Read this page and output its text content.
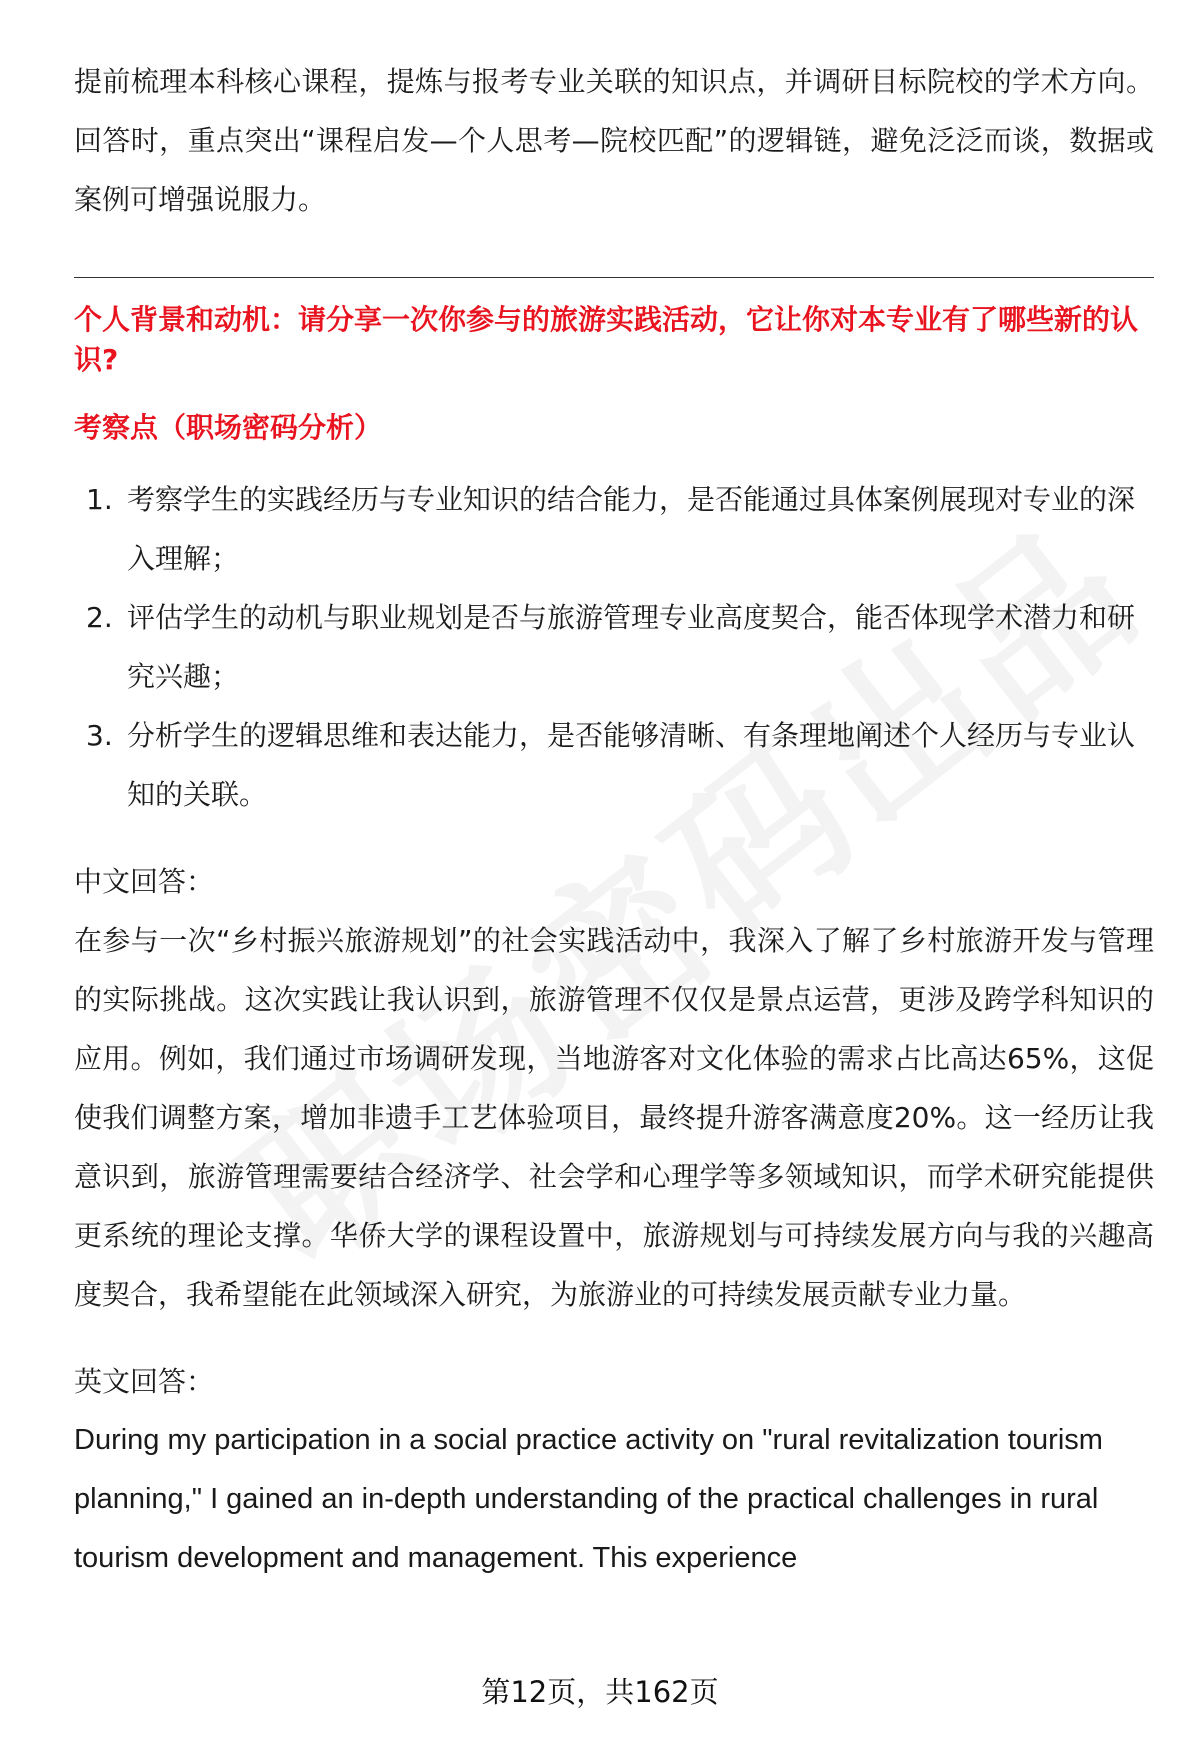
提前梳理本科核心课程，提炼与报考专业关联的知识点，并调研目标院校的学术方向。回答时，重点突出“课程启发—个人思考—院校匹配”的逻辑链，避免泛泛而谈，数据或案例可增强说服力。

个人背景和动机：请分享一次你参与的旅游实践活动，它让你对本专业有了哪些新的认识?

考察点（职场密码分析）

1. 考察学生的实践经历与专业知识的结合能力，是否能通过具体案例展现对专业的深入理解；
2. 评估学生的动机与职业规划是否与旅游管理专业高度契合，能否体现学术潜力和研究兴趣；
3. 分析学生的逻辑思维和表达能力，是否能够清晰、有条理地阐述个人经历与专业认知的关联。

中文回答：

在参与一次“乡村振兴旅游规划”的社会实践活动中，我深入了解了乡村旅游开发与管理的实际挑战。这次实践让我认识到，旅游管理不仅仅是景点运营，更涉及跨学科知识的应用。例如，我们通过市场调研发现，当地游客对文化体验的需求占比高达65%，这促使我们调整方案，增加非遗手工艺体验项目，最终提升游客满意度20%。这一经历让我意识到，旅游管理需要结合经济学、社会学和心理学等多领域知识，而学术研究能提供更系统的理论支撑。华侨大学的课程设置中，旅游规划与可持续发展方向与我的兴趣高度契合，我希望能在此领域深入研究，为旅游业的可持续发展贡献专业力量。

英文回答：

During my participation in a social practice activity on "rural revitalization tourism planning," I gained an in-depth understanding of the practical challenges in rural tourism development and management. This experience

第12页，共162页
